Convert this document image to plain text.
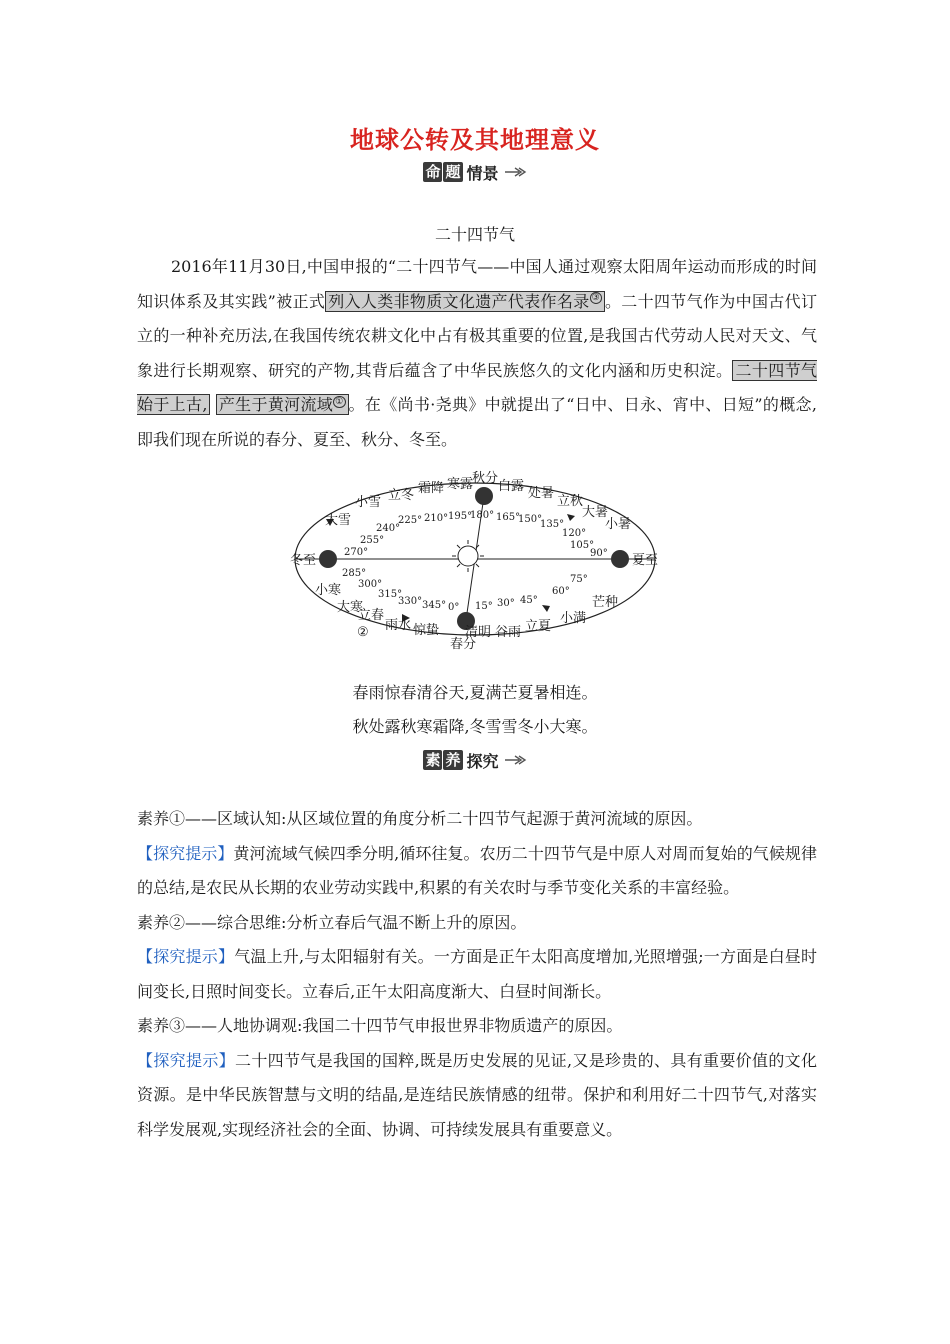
地球公转及其地理意义
命 题 情景
二十四节气
2016年11月30日,中国申报的“二十四节气——中国人通过观察太阳周年运动而形成的时间知识体系及其实践”被正式 列入人类非物质文化遗产代表作名录 ③ 。二十四节气作为中国古代订立的一种补充历法,在我国传统农耕文化中占有极其重要的位置,是我国古代劳动人民对天文、气象进行长期观察、研究的产物,其背后蕴含了中华民族悠久的文化内涵和历史积淀。 二十四节气始于上古, 产生于黄河流域 ① 。在《尚书·尧典》中就提出了“日中、日永、宵中、日短”的概念,即我们现在所说的春分、夏至、秋分、冬至。
冬至	夏至
秋分
春分
小雪 立冬 霜降 寒露 白露 处暑
立秋
大暑
小暑
大雪
小寒
大寒
立春
雨水 惊蛰 清明 谷雨 立夏
小满
芒种
②
225° 210° 195°
180° 165°
150°
135°
120°
105°
90°
240°
255°
270°
285°
300°
315°
330° 345° 0° 15° 30° 45°
60°
75°
春雨惊春清谷天,夏满芒夏暑相连。
秋处露秋寒霜降,冬雪雪冬小大寒。
素 养 探究
素养①——区域认知:从区域位置的角度分析二十四节气起源于黄河流域的原因。
【探究提示】黄河流域气候四季分明,循环往复。农历二十四节气是中原人对周而复始的气候规律的总结,是农民从长期的农业劳动实践中,积累的有关农时与季节变化关系的丰富经验。
素养②——综合思维:分析立春后气温不断上升的原因。
【探究提示】气温上升,与太阳辐射有关。一方面是正午太阳高度增加,光照增强;一方面是白昼时间变长,日照时间变长。立春后,正午太阳高度渐大、白昼时间渐长。
素养③——人地协调观:我国二十四节气申报世界非物质遗产的原因。
【探究提示】二十四节气是我国的国粹,既是历史发展的见证,又是珍贵的、具有重要价值的文化资源。是中华民族智慧与文明的结晶,是连结民族情感的纽带。保护和利用好二十四节气,对落实科学发展观,实现经济社会的全面、协调、可持续发展具有重要意义。
